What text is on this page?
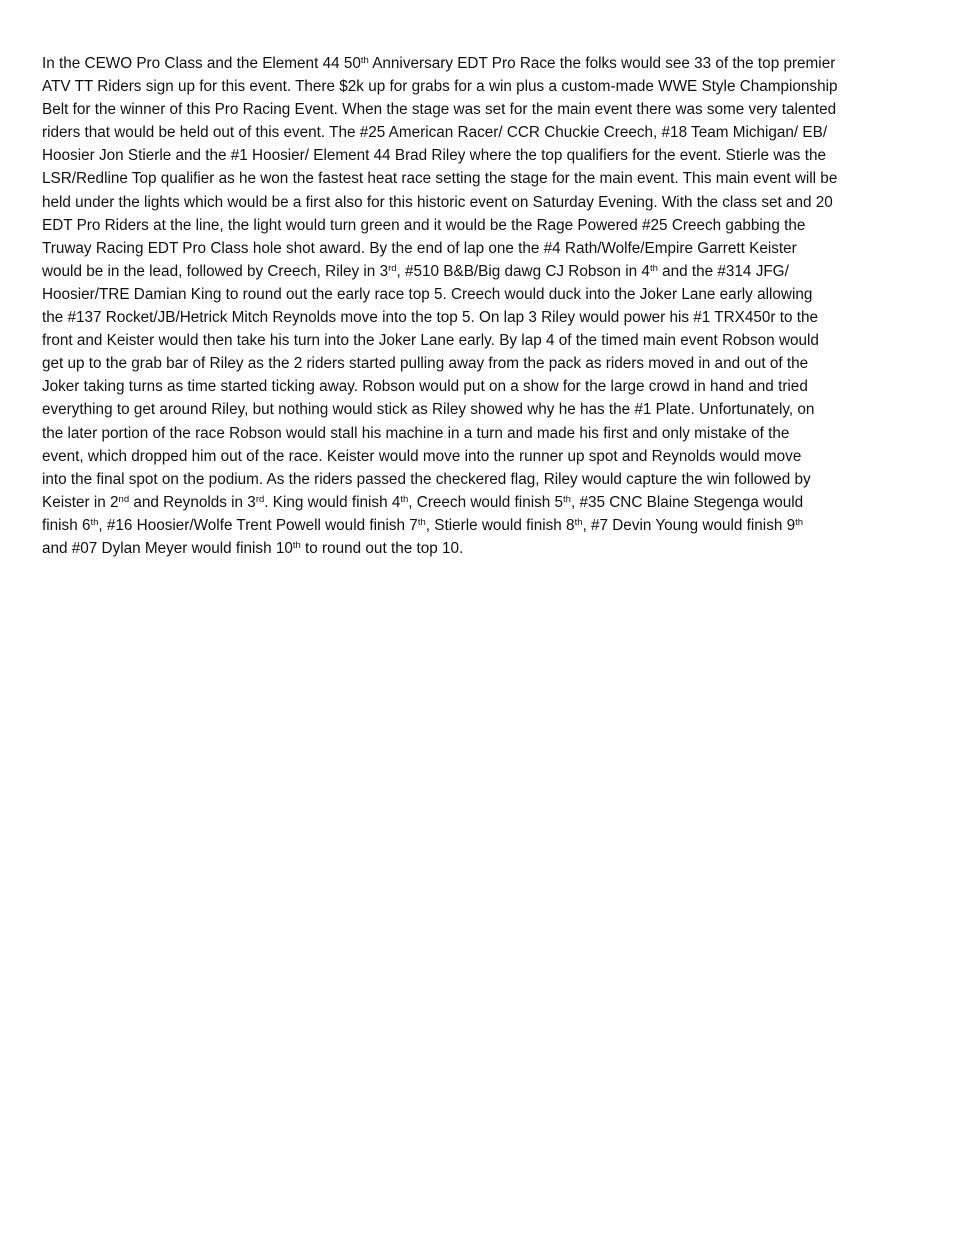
In the CEWO Pro Class and the Element 44 50th Anniversary EDT Pro Race the folks would see 33 of the top premier
ATV TT Riders sign up for this event. There $2k up for grabs for a win plus a custom-made WWE Style Championship
Belt for the winner of this Pro Racing Event. When the stage was set for the main event there was some very talented
riders that would be held out of this event. The #25 American Racer/ CCR Chuckie Creech, #18 Team Michigan/ EB/
Hoosier Jon Stierle and the #1 Hoosier/ Element 44 Brad Riley where the top qualifiers for the event. Stierle was the
LSR/Redline Top qualifier as he won the fastest heat race setting the stage for the main event. This main event will be
held under the lights which would be a first also for this historic event on Saturday Evening. With the class set and 20
EDT Pro Riders at the line, the light would turn green and it would be the Rage Powered #25 Creech gabbing the
Truway Racing EDT Pro Class hole shot award. By the end of lap one the #4 Rath/Wolfe/Empire Garrett Keister
would be in the lead, followed by Creech, Riley in 3rd, #510 B&B/Big dawg CJ Robson in 4th and the #314 JFG/
Hoosier/TRE Damian King to round out the early race top 5. Creech would duck into the Joker Lane early allowing
the #137 Rocket/JB/Hetrick Mitch Reynolds move into the top 5. On lap 3 Riley would power his #1 TRX450r to the
front and Keister would then take his turn into the Joker Lane early. By lap 4 of the timed main event Robson would
get up to the grab bar of Riley as the 2 riders started pulling away from the pack as riders moved in and out of the
Joker taking turns as time started ticking away. Robson would put on a show for the large crowd in hand and tried
everything to get around Riley, but nothing would stick as Riley showed why he has the #1 Plate. Unfortunately, on
the later portion of the race Robson would stall his machine in a turn and made his first and only mistake of the
event, which dropped him out of the race. Keister would move into the runner up spot and Reynolds would move
into the final spot on the podium. As the riders passed the checkered flag, Riley would capture the win followed by
Keister in 2nd and Reynolds in 3rd. King would finish 4th, Creech would finish 5th, #35 CNC Blaine Stegenga would
finish 6th, #16 Hoosier/Wolfe Trent Powell would finish 7th, Stierle would finish 8th, #7 Devin Young would finish 9th
and #07 Dylan Meyer would finish 10th to round out the top 10.
